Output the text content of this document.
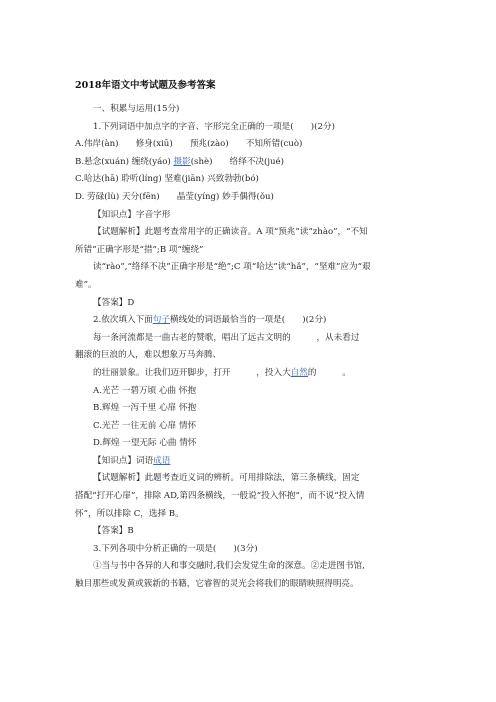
2018年语文中考试题及参考答案
一、积累与运用(15分)
1.下列词语中加点字的字音、字形完全正确的一项是(　　)(2分)
A.伟岸(àn)　　修身(xiū)　　预兆(zào)　　不知所错(cuò)
B.悬念(xuán) 缠绕(yáo) 摄影(shè)　　络绎不决(jué)
C.哈达(hā) 聆听(líng) 坚难(jiān) 兴致勃勃(bó)
D. 劳碌(lù) 天分(fēn)　　晶莹(yíng) 妙手偶得(ǒu)
【知识点】字音字形
【试题解析】此题考查常用字的正确读音。A 项“预兆”读“zhào”，“不知
所错”正确字形是“措”;B 项“缠绕”
读“rào”,“络绎不决”正确字形是“绝”;C 项“哈达”读“hǎ”，“坚难”应为“艰
难”。
【答案】D
2.依次填入下面句子横线处的词语最恰当的一项是(　　)(2分)
每一条河流都是一曲古老的赞歌，唱出了远古文明的　　　，从未看过
翻滚的巨浪的人，难以想象万马奔腾、
的壮丽景象。让我们迈开脚步，打开　　　，投入大自然的　　　。
A.光芒 一碧万顷 心曲 怀抱
B.辉煌 一泻千里 心扉 怀抱
C.光芒 一往无前 心扉 情怀
D.辉煌 一望无际 心曲 情怀
【知识点】词语成语
【试题解析】此题考查近义词的辨析。可用排除法，第三条横线，固定
搭配“打开心扉”，排除 AD,第四条横线，一般说“投入怀抱”，而不说“投入情
怀”，所以排除 C，选择 B。
【答案】B
3.下列各项中分析正确的一项是(　　)(3分)
①当与书中各异的人和事交融时,我们会发觉生命的深意。②走进图书馆,
触目那些或发黄或簇新的书籍，它睿智的灵光会将我们的眼睛映照得明亮。
